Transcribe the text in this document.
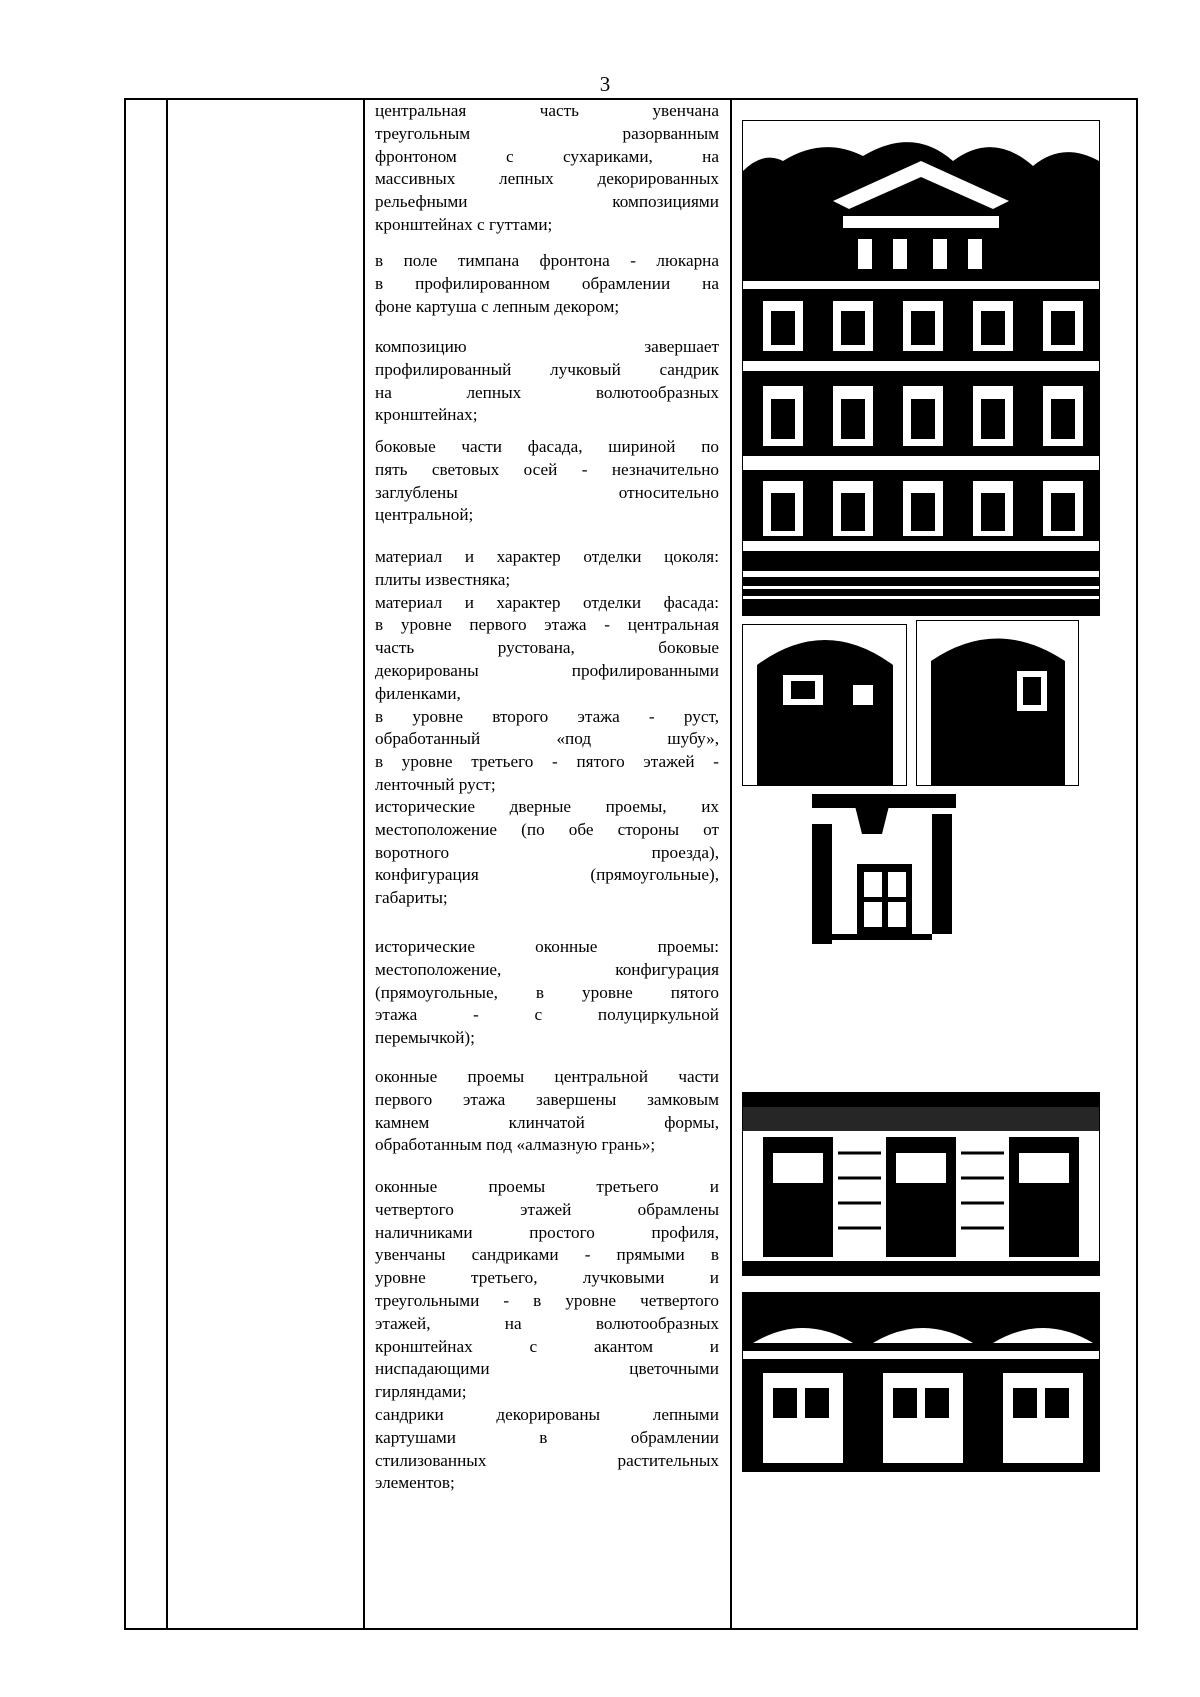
3

центральная часть увенчана
треугольным разорванным
фронтоном с сухариками, на
массивных лепных декорированных
рельефными композициями
кронштейнах с гуттами;
в поле тимпана фронтона - люкарна
в профилированном обрамлении на
фоне картуша с лепным декором;
композицию завершает
профилированный лучковый сандрик
на лепных волютообразных
кронштейнах;
боковые части фасада, шириной по
пять световых осей - незначительно
заглублены относительно
центральной;
материал и характер отделки цоколя:
плиты известняка;
материал и характер отделки фасада:
в уровне первого этажа - центральная
часть рустована, боковые
декорированы профилированными
филенками,
в уровне второго этажа - руст,
обработанный «под шубу»,
в уровне третьего - пятого этажей -
ленточный руст;
исторические дверные проемы, их
местоположение (по обе стороны от
воротного проезда),
конфигурация (прямоугольные),
габариты;
исторические оконные проемы:
местоположение, конфигурация
(прямоугольные, в уровне пятого
этажа - с полуциркульной
перемычкой);
оконные проемы центральной части
первого этажа завершены замковым
камнем клинчатой формы,
обработанным под «алмазную грань»;
оконные проемы третьего и
четвертого этажей обрамлены
наличниками простого профиля,
увенчаны сандриками - прямыми в
уровне третьего, лучковыми и
треугольными - в уровне четвертого
этажей, на волютообразных
кронштейнах с акантом и
ниспадающими цветочными
гирляндами;
сандрики декорированы лепными
картушами в обрамлении
стилизованных растительных
элементов;
